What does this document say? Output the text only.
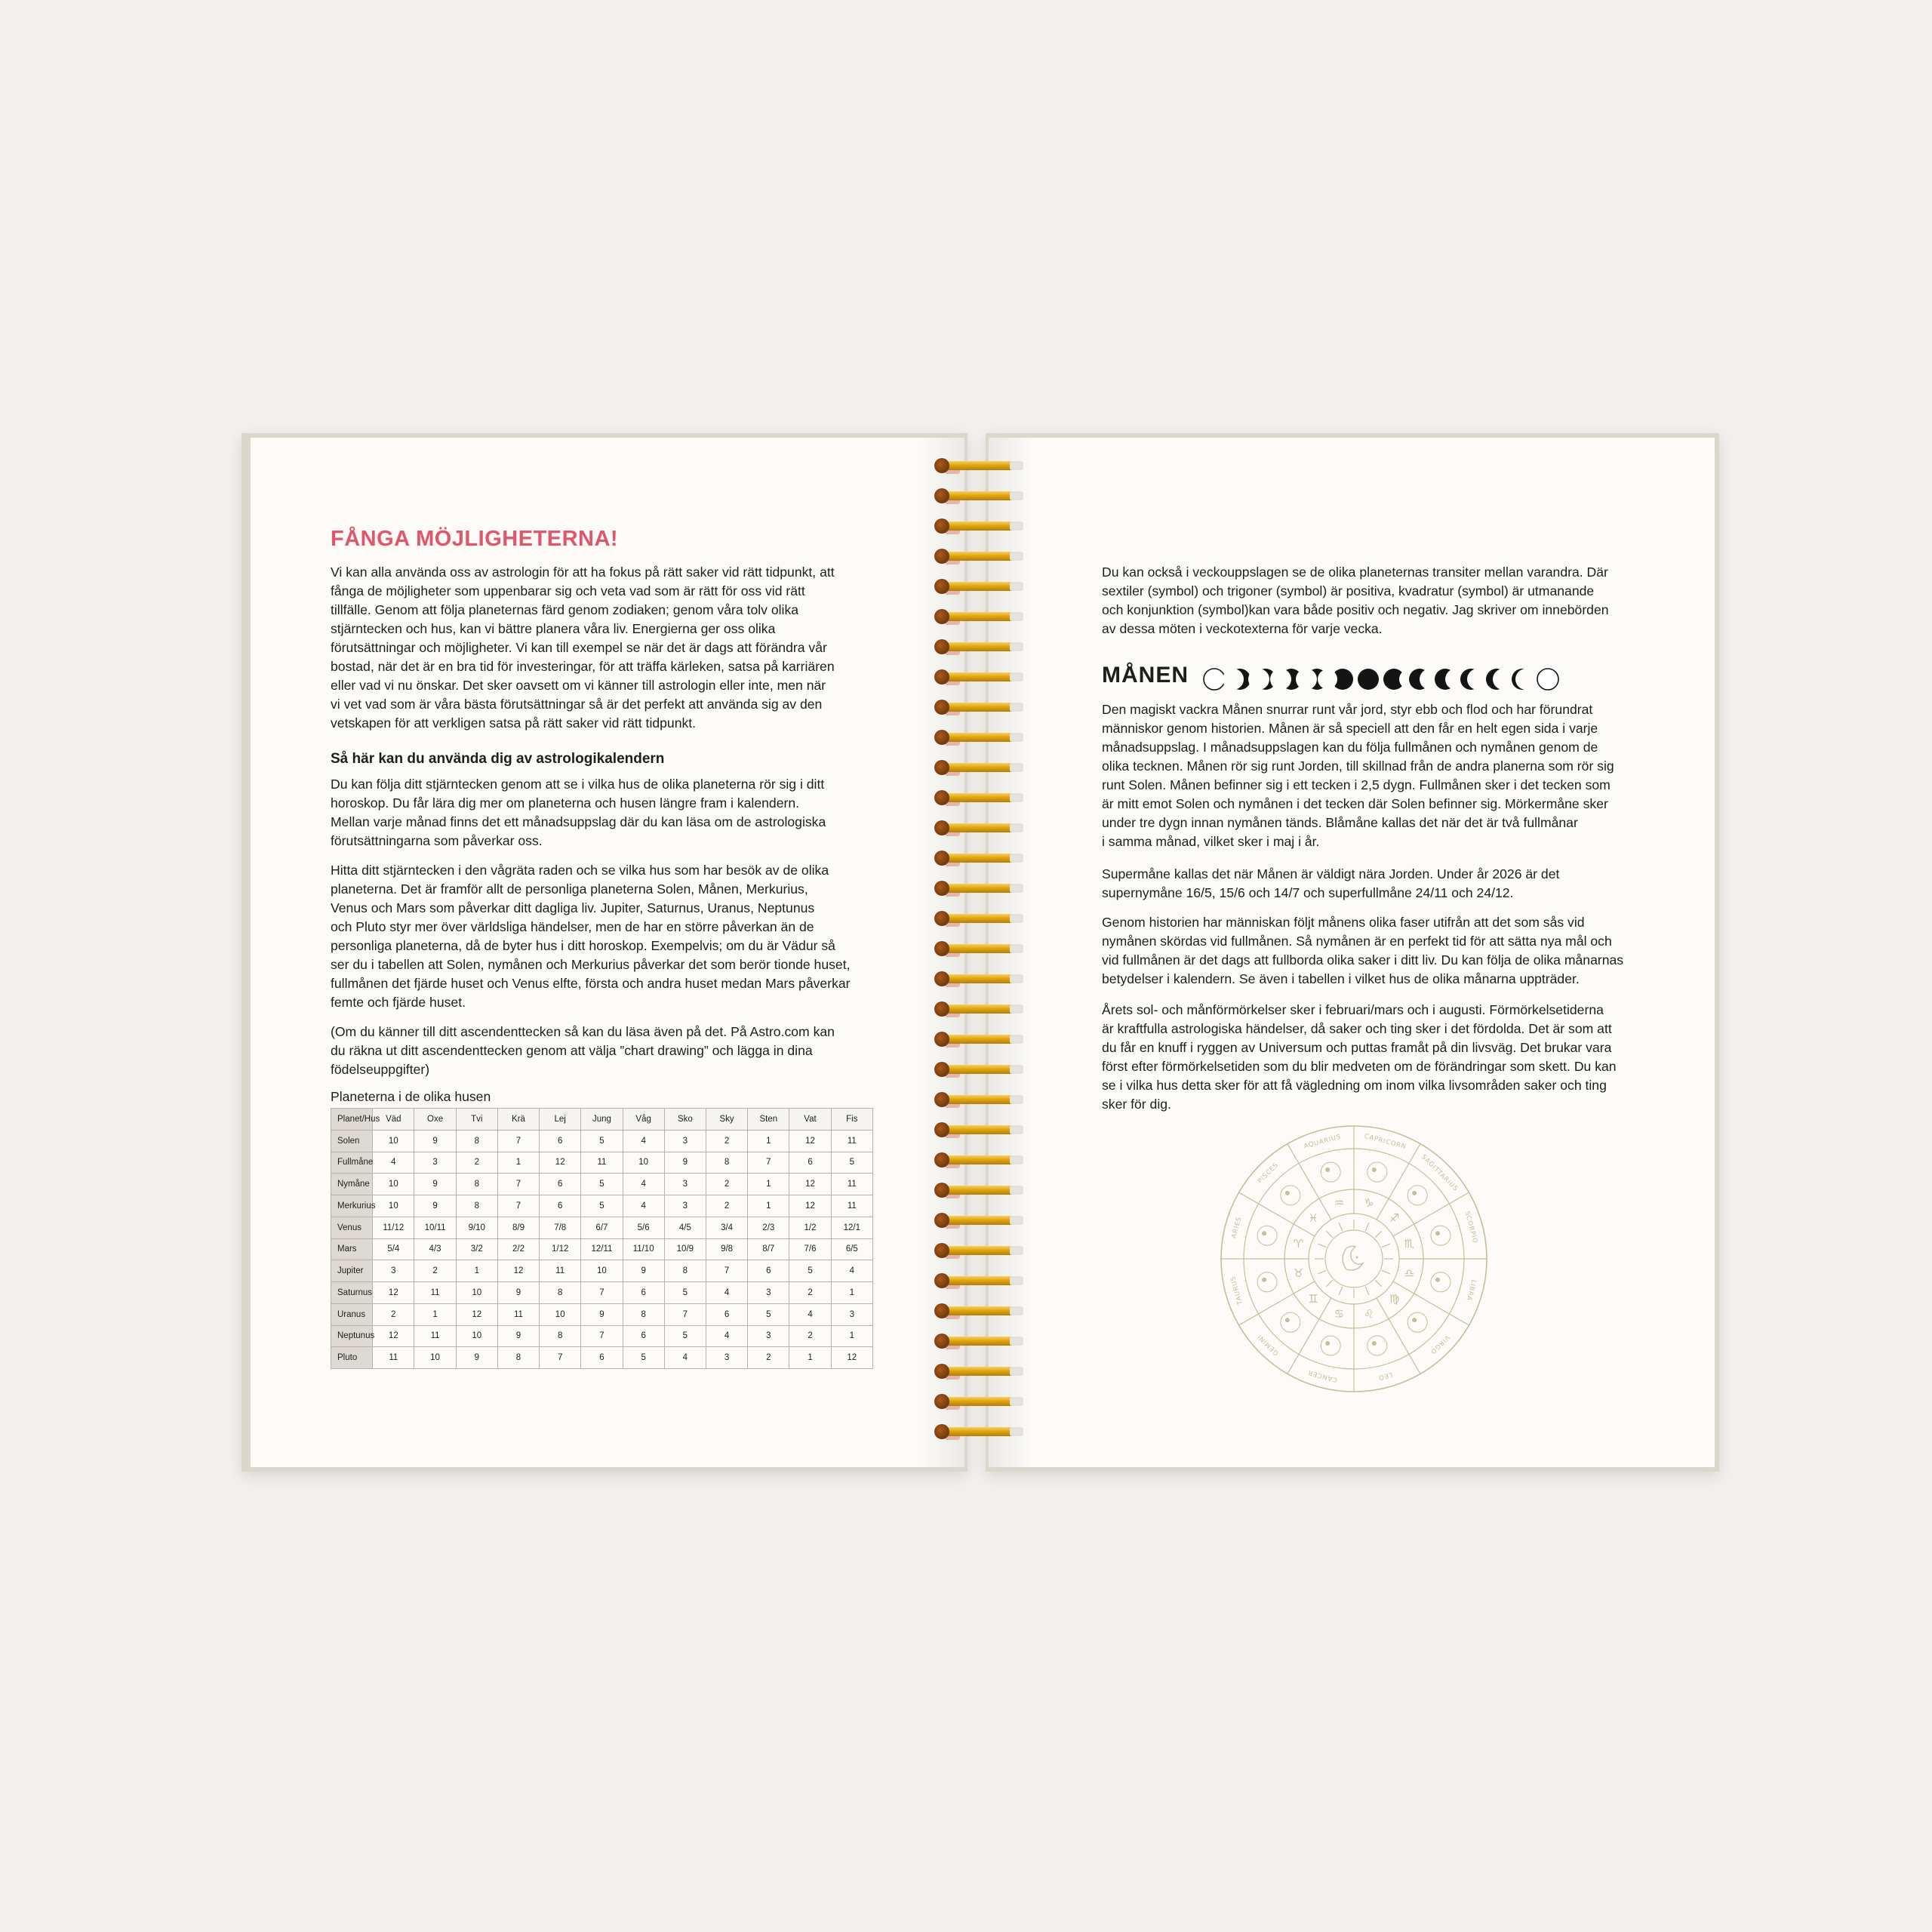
FÅNGA MÖJLIGHETERNA!
Vi kan alla använda oss av astrologin för att ha fokus på rätt saker vid rätt tidpunkt, att
fånga de möjligheter som uppenbarar sig och veta vad som är rätt för oss vid rätt
tillfälle. Genom att följa planeternas färd genom zodiaken; genom våra tolv olika
stjärntecken och hus, kan vi bättre planera våra liv. Energierna ger oss olika
förutsättningar och möjligheter. Vi kan till exempel se när det är dags att förändra vår
bostad, när det är en bra tid för investeringar, för att träffa kärleken, satsa på karriären
eller vad vi nu önskar. Det sker oavsett om vi känner till astrologin eller inte, men när
vi vet vad som är våra bästa förutsättningar så är det perfekt att använda sig av den
vetskapen för att verkligen satsa på rätt saker vid rätt tidpunkt.
Så här kan du använda dig av astrologikalendern
Du kan följa ditt stjärntecken genom att se i vilka hus de olika planeterna rör sig i ditt
horoskop. Du får lära dig mer om planeterna och husen längre fram i kalendern.
Mellan varje månad finns det ett månadsuppslag där du kan läsa om de astrologiska
förutsättningarna som påverkar oss.
Hitta ditt stjärntecken i den vågräta raden och se vilka hus som har besök av de olika
planeterna. Det är framför allt de personliga planeterna Solen, Månen, Merkurius,
Venus och Mars som påverkar ditt dagliga liv. Jupiter, Saturnus, Uranus, Neptunus
och Pluto styr mer över världsliga händelser, men de har en större påverkan än de
personliga planeterna, då de byter hus i ditt horoskop. Exempelvis; om du är Vädur så
ser du i tabellen att Solen, nymånen och Merkurius påverkar det som berör tionde huset,
fullmånen det fjärde huset och Venus elfte, första och andra huset medan Mars påverkar
femte och fjärde huset.
(Om du känner till ditt ascendenttecken så kan du läsa även på det. På Astro.com kan
du räkna ut ditt ascendenttecken genom att välja ”chart drawing” och lägga in dina
födelseuppgifter)
Planeterna i de olika husen
Planet/Hus	Väd	Oxe	Tvi	Krä	Lej	Jung	Våg	Sko	Sky	Sten	Vat	Fis
Solen	10	9	8	7	6	5	4	3	2	1	12	11
Fullmåne	4	3	2	1	12	11	10	9	8	7	6	5
Nymåne	10	9	8	7	6	5	4	3	2	1	12	11
Merkurius	10	9	8	7	6	5	4	3	2	1	12	11
Venus	11/12	10/11	9/10	8/9	7/8	6/7	5/6	4/5	3/4	2/3	1/2	12/1
Mars	5/4	4/3	3/2	2/2	1/12	12/11	11/10	10/9	9/8	8/7	7/6	6/5
Jupiter	3	2	1	12	11	10	9	8	7	6	5	4
Saturnus	12	11	10	9	8	7	6	5	4	3	2	1
Uranus	2	1	12	11	10	9	8	7	6	5	4	3
Neptunus	12	11	10	9	8	7	6	5	4	3	2	1
Pluto	11	10	9	8	7	6	5	4	3	2	1	12
Du kan också i veckouppslagen se de olika planeternas transiter mellan varandra. Där
sextiler (symbol) och trigoner (symbol) är positiva, kvadratur (symbol) är utmanande
och konjunktion (symbol)kan vara både positiv och negativ. Jag skriver om innebörden
av dessa möten i veckotexterna för varje vecka.
MÅNEN
Den magiskt vackra Månen snurrar runt vår jord, styr ebb och flod och har förundrat
människor genom historien. Månen är så speciell att den får en helt egen sida i varje
månadsuppslag. I månadsuppslagen kan du följa fullmånen och nymånen genom de
olika tecknen. Månen rör sig runt Jorden, till skillnad från de andra planerna som rör sig
runt Solen. Månen befinner sig i ett tecken i 2,5 dygn. Fullmånen sker i det tecken som
är mitt emot Solen och nymånen i det tecken där Solen befinner sig. Mörkermåne sker
under tre dygn innan nymånen tänds. Blåmåne kallas det när det är två fullmånar
i samma månad, vilket sker i maj i år.
Supermåne kallas det när Månen är väldigt nära Jorden. Under år 2026 är det
supernymåne 16/5, 15/6 och 14/7 och superfullmåne 24/11 och 24/12.
Genom historien har människan följt månens olika faser utifrån att det som sås vid
nymånen skördas vid fullmånen. Så nymånen är en perfekt tid för att sätta nya mål och
vid fullmånen är det dags att fullborda olika saker i ditt liv. Du kan följa de olika månarnas
betydelser i kalendern. Se även i tabellen i vilket hus de olika månarna uppträder.
Årets sol- och månförmörkelser sker i februari/mars och i augusti. Förmörkelsetiderna
är kraftfulla astrologiska händelser, då saker och ting sker i det fördolda. Det är som att
du får en knuff i ryggen av Universum och puttas framåt på din livsväg. Det brukar vara
först efter förmörkelsetiden som du blir medveten om de förändringar som skett. Du kan
se i vilka hus detta sker för att få vägledning om inom vilka livsområden saker och ting
sker för dig.
CAPRICORN
♑
SAGITTARIUS
♐	SCORPIO
♏
LIBRA
♎
VIRGO
♍
LEO
♌
CANCER
♋
GEMINI
♊
TAURUS
♉
ARIES
♈
PISCES
♓
AQUARIUS
♒
